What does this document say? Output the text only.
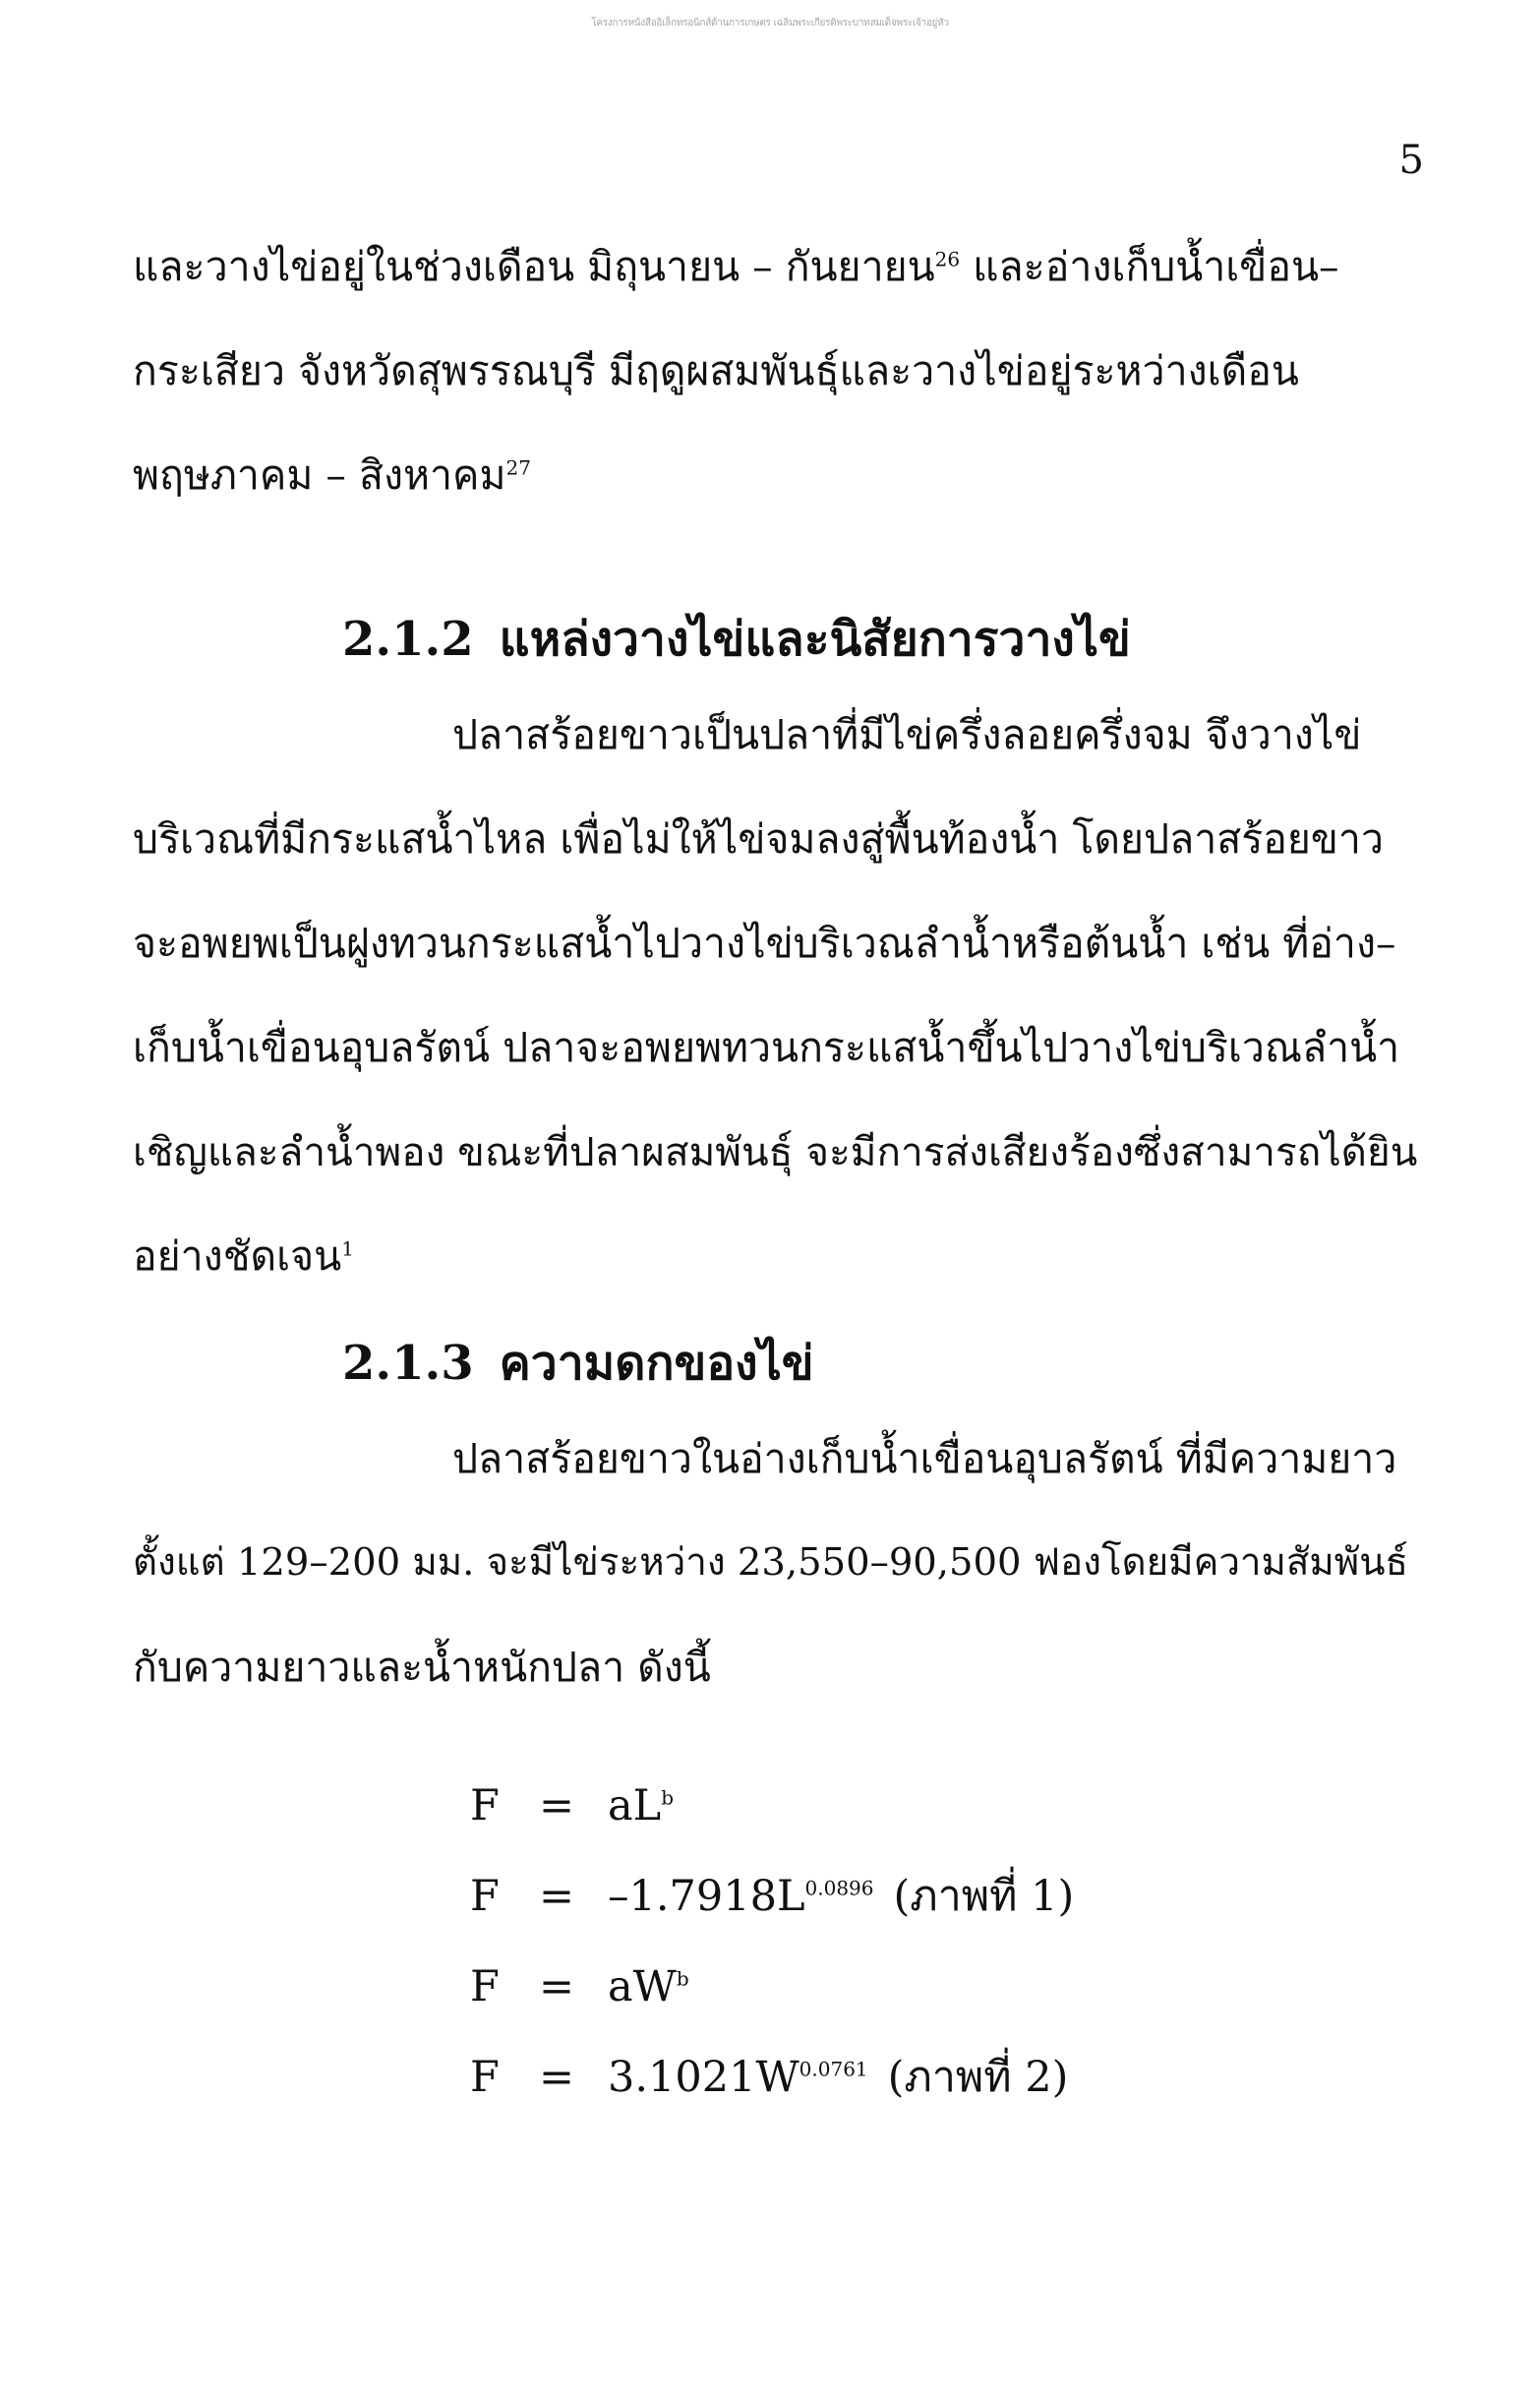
โครงการหนังสืออิเล็กทรอนิกส์ด้านการเกษตร เฉลิมพระเกียรติพระบาทสมเด็จพระเจ้าอยู่หัว
5
และวางไข่อยู่ในช่วงเดือน มิถุนายน – กันยายน$^{26}$ และอ่างเก็บน้ำเขื่อน–
กระเสียว จังหวัดสุพรรณบุรี มีฤดูผสมพันธุ์และวางไข่อยู่ระหว่างเดือน
พฤษภาคม – สิงหาคม$^{27}$
2.1.2 แหล่งวางไข่และนิสัยการวางไข่
ปลาสร้อยขาวเป็นปลาที่มีไข่ครึ่งลอยครึ่งจม จึงวางไข่
บริเวณที่มีกระแสน้ำไหล เพื่อไม่ให้ไข่จมลงสู่พื้นท้องน้ำ โดยปลาสร้อยขาว
จะอพยพเป็นฝูงทวนกระแสน้ำไปวางไข่บริเวณลำน้ำหรือต้นน้ำ เช่น ที่อ่าง–
เก็บน้ำเขื่อนอุบลรัตน์ ปลาจะอพยพทวนกระแสน้ำขึ้นไปวางไข่บริเวณลำน้ำ
เชิญและลำน้ำพอง ขณะที่ปลาผสมพันธุ์ จะมีการส่งเสียงร้องซึ่งสามารถได้ยิน
อย่างชัดเจน$^1$
2.1.3 ความดกของไข่
ปลาสร้อยขาวในอ่างเก็บน้ำเขื่อนอุบลรัตน์ ที่มีความยาว
ตั้งแต่ 129–200 มม. จะมีไข่ระหว่าง 23,550–90,500 ฟองโดยมีความสัมพันธ์
กับความยาวและน้ำหนักปลา ดังนี้
$F = aL^b$
$F = -1.7918L^{0.0896}$ (ภาพที่ 1)
$F = aW^b$
$F = 3.1021W^{0.0761}$ (ภาพที่ 2)
